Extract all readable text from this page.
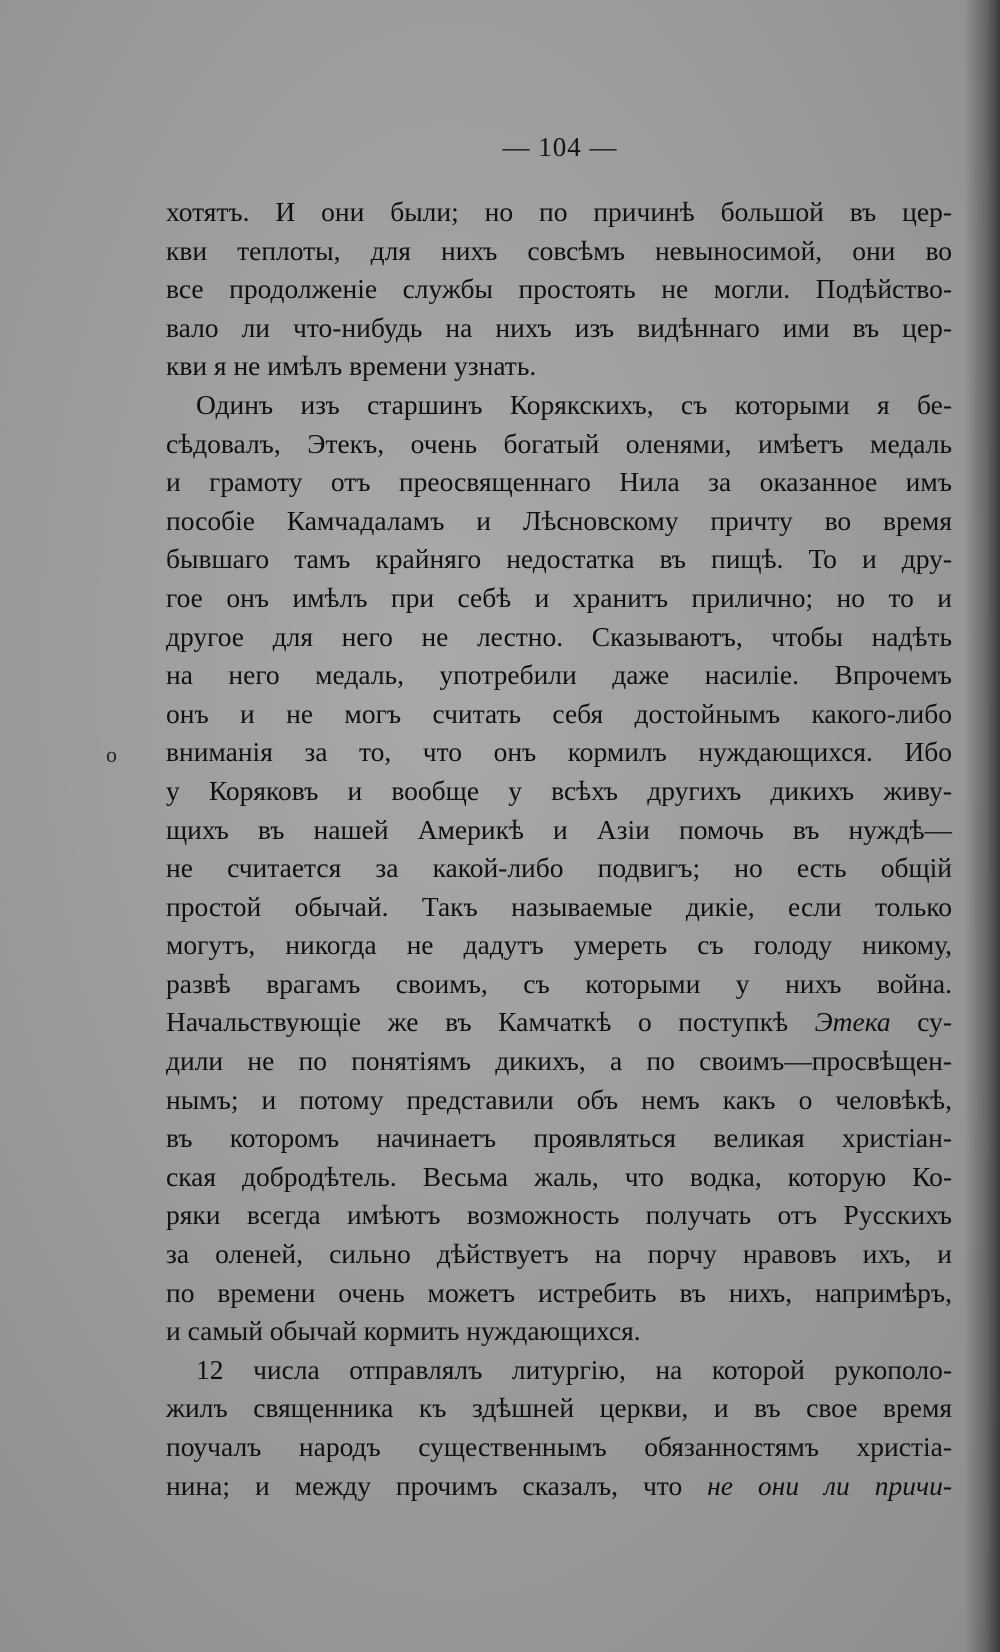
— 104 —
о
хотятъ. И они были; но по причинѣ большой въ цер-
кви теплоты, для нихъ совсѣмъ невыносимой, они во
все продолженіе службы простоять не могли. Подѣйство-
вало ли что-нибудь на нихъ изъ видѣннаго ими въ цер-
кви я не имѣлъ времени узнать.
Одинъ изъ старшинъ Корякскихъ, съ которыми я бе-
сѣдовалъ, Этекъ, очень богатый оленями, имѣетъ медаль
и грамоту отъ преосвященнаго Нила за оказанное имъ
пособіе Камчадаламъ и Лѣсновскому причту во время
бывшаго тамъ крайняго недостатка въ пищѣ. То и дру-
гое онъ имѣлъ при себѣ и хранитъ прилично; но то и
другое для него не лестно. Сказываютъ, чтобы надѣть
на него медаль, употребили даже насиліе. Впрочемъ
онъ и не могъ считать себя достойнымъ какого-либо
вниманія за то, что онъ кормилъ нуждающихся. Ибо
у Коряковъ и вообще у всѣхъ другихъ дикихъ живу-
щихъ въ нашей Америкѣ и Азіи помочь въ нуждѣ—
не считается за какой-либо подвигъ; но есть общій
простой обычай. Такъ называемые дикіе, если только
могутъ, никогда не дадутъ умереть съ голоду никому,
развѣ врагамъ своимъ, съ которыми у нихъ война.
Начальствующіе же въ Камчаткѣ о поступкѣ Этека су-
дили не по понятіямъ дикихъ, а по своимъ—просвѣщен-
нымъ; и потому представили объ немъ какъ о человѣкѣ,
въ которомъ начинаетъ проявляться великая христіан-
ская добродѣтель. Весьма жаль, что водка, которую Ко-
ряки всегда имѣютъ возможность получать отъ Русскихъ
за оленей, сильно дѣйствуетъ на порчу нравовъ ихъ, и
по времени очень можетъ истребить въ нихъ, напримѣръ,
и самый обычай кормить нуждающихся.
12 числа отправлялъ литургію, на которой рукополо-
жилъ священника къ здѣшней церкви, и въ свое время
поучалъ народъ существеннымъ обязанностямъ христіа-
нина; и между прочимъ сказалъ, что не они ли причи-
